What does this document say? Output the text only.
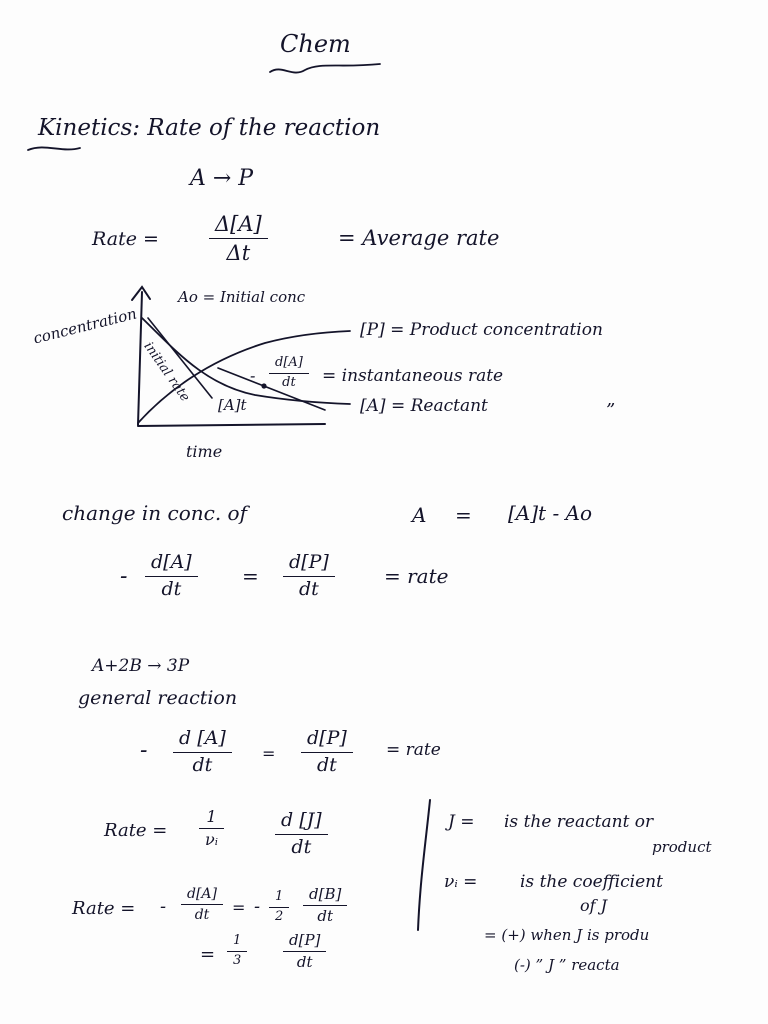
Chem
Kinetics: Rate of the reaction
A → P
Rate =	$\frac{\Delta[A]}{\Delta t}$	= Average rate
Ao = Initial conc
concentration
initial rate
[A]t
time
[P] = Product concentration
- $\frac{d[A]}{dt}$ = instantaneous rate
[A] = Reactant	”
change in conc. of	A = [A]t - Ao
- $\frac{d[A]}{dt} = \frac{d[P]}{dt}$	= rate
A+2B → 3P
general reaction
- $\frac{d [A]}{dt} = \frac{d[P]}{dt}$ = rate
Rate = $\frac{1}{\text{νᵢ}}$	$\frac{d [J]}{dt}$	J = is the reactant or
product
νᵢ =	is the coefficient
of J
= (+) when J is produ
(-) ” J ” reacta
Rate = - $\frac{d[A]}{dt}$ = - $\frac{1}{2} \frac{d[B]}{dt}$
= $\frac{1}{3}$	$\frac{d[P]}{dt}$
